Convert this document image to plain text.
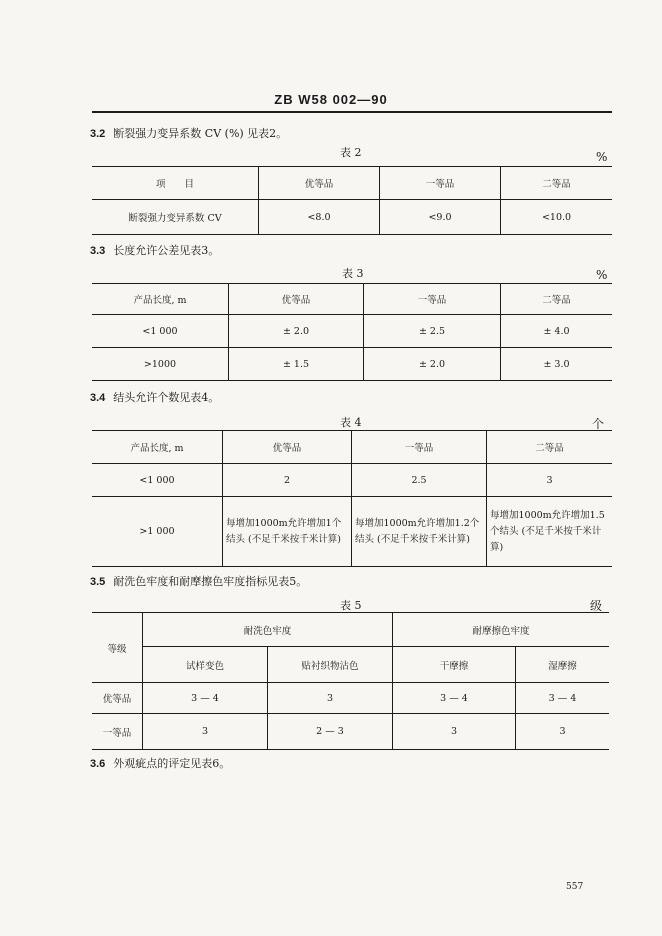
ZB W58 002—90
3.2 断裂强力变异系数 CV (%) 见表2。
表 2	%
项　　目	优等品	一等品	二等品
断裂强力变异系数 CV	<8.0	<9.0	<10.0
3.3 长度允许公差见表3。
表 3	%
产品长度, m	优等品	一等品	二等品
<1 000	± 2.0	± 2.5	± 4.0
>1000	± 1.5	± 2.0	± 3.0
3.4 结头允许个数见表4。
表 4	个
产品长度, m	优等品	一等品	二等品
<1 000	2	2.5	3
>1 000	每增加1000m允许增加1个结头 (不足千米按千米计算)	每增加1000m允许增加1.2个结头 (不足千米按千米计算)	每增加1000m允许增加1.5个结头 (不足千米按千米计算)
3.5 耐洗色牢度和耐摩擦色牢度指标见表5。
表 5	级
等级	耐洗色牢度		耐摩擦色牢度	
	试样变色	贴衬织物沾色	干摩擦	湿摩擦
优等品	3 — 4	3	3 — 4	3 — 4
一等品	3	2 — 3	3	3
3.6 外观疵点的评定见表6。
557
